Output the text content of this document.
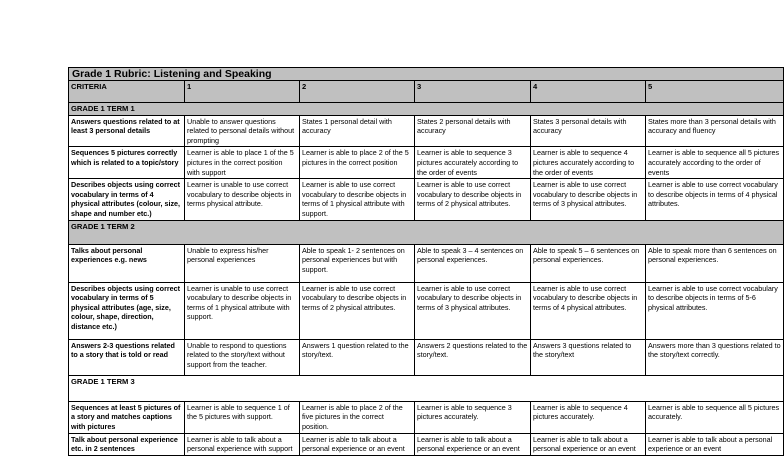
Grade 1 Rubric: Listening and Speaking					
CRITERIA	1	2	3	4	5
GRADE 1 TERM 1					
Answers questions related to at least 3 personal details	Unable to answer questions related to personal details without prompting	States 1 personal detail with accuracy	States 2 personal details with accuracy	States 3 personal details with accuracy	States more than 3 personal details with accuracy and fluency
Sequences 5 pictures correctly which is related to a topic/story	Learner is able to place 1 of the 5 pictures in the correct position with support	Learner is able to place 2 of the 5 pictures in the correct position	Learner is able to sequence 3 pictures accurately according to the order of events	Learner is able to sequence 4 pictures accurately according to the order of events	Learner is able to sequence all 5 pictures accurately according to the order of events
Describes objects using correct vocabulary in terms of 4 physical attributes (colour, size, shape and number etc.)	Learner is unable to use correct vocabulary to describe objects in terms physical attribute.	Learner is able to use correct vocabulary to describe objects in terms of 1 physical attribute with support.	Learner is able to use correct vocabulary to describe objects in terms of 2 physical attributes.	Learner is able to use correct vocabulary to describe objects in terms of 3 physical attributes.	Learner is able to use correct vocabulary to describe objects in terms of 4 physical attributes.
GRADE 1 TERM 2					
Talks about personal experiences e.g. news	Unable to express his/her personal experiences	Able to speak 1- 2 sentences on personal experiences but with support.	Able to speak 3 – 4 sentences on personal experiences.	Able to speak 5 – 6 sentences on personal experiences.	Able to speak more than 6 sentences on personal experiences.
Describes objects using correct vocabulary in terms of 5 physical attributes (age, size, colour, shape, direction, distance etc.)	Learner is unable to use correct vocabulary to describe objects in terms of 1 physical attribute with support.	Learner is able to use correct vocabulary to describe objects in terms of 2 physical attributes.	Learner is able to use correct vocabulary to describe objects in terms of 3 physical attributes.	Learner is able to use correct vocabulary to describe objects in terms of 4 physical attributes.	Learner is able to use correct vocabulary to describe objects in terms of 5-6 physical attributes.
Answers 2-3 questions related to a story that is told or read	Unable to respond to questions related to the story/text without support from the teacher.	Answers 1 question related to the story/text.	Answers 2 questions related to the story/text.	Answers 3 questions related to the story/text	Answers more than 3 questions related to the story/text correctly.
GRADE 1 TERM 3					
Sequences at least 5 pictures of a story and matches captions with pictures	Learner is able to sequence 1 of the 5 pictures with support.	Learner is able to place 2 of the five pictures in the correct position.	Learner is able to sequence 3 pictures accurately.	Learner is able to sequence 4 pictures accurately.	Learner is able to sequence all 5 pictures accurately.
Talk about personal experience etc. in 2 sentences	Learner is able to talk about a personal experience with support	Learner is able to talk about a personal experience or an event	Learner is able to talk about a personal experience or an event	Learner is able to talk about a personal experience or an event	Learner is able to talk about a personal experience or an event
